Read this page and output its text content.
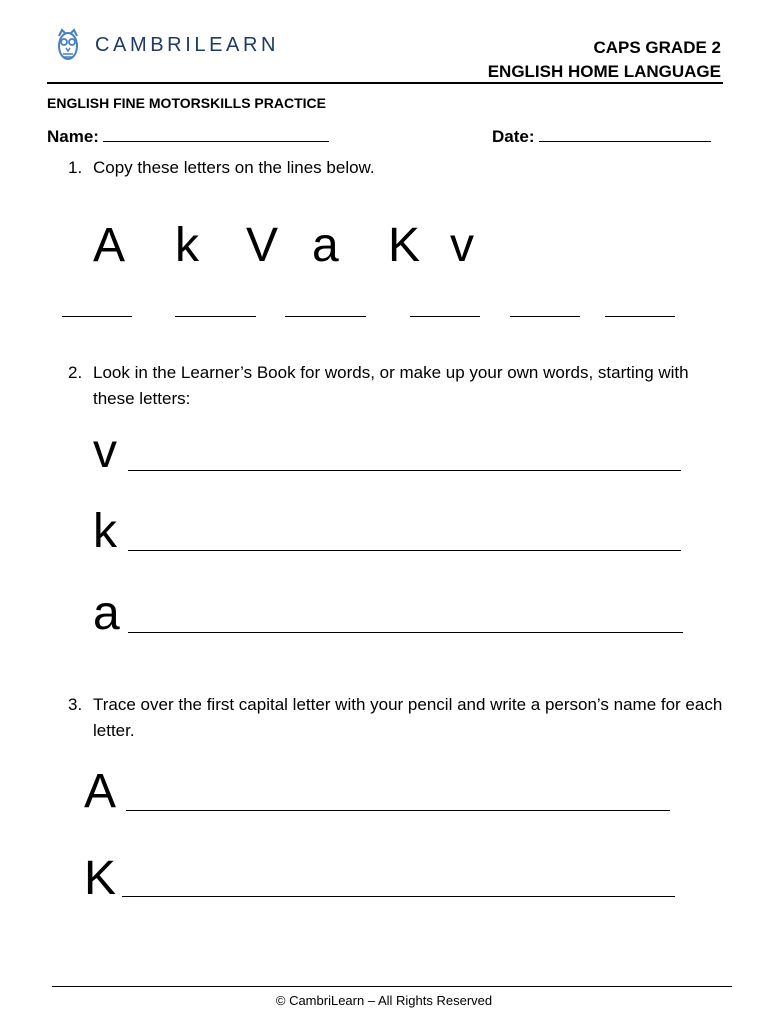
CAMBRILEARN	CAPS GRADE 2
ENGLISH HOME LANGUAGE
ENGLISH FINE MOTORSKILLS PRACTICE
Name:	Date:
1. Copy these letters on the lines below.
A k V a K v
2. Look in the Learner’s Book for words, or make up your own words, starting with these letters:
v
k
a
3. Trace over the first capital letter with your pencil and write a person’s name for each letter.
A
K
© CambriLearn – All Rights Reserved
